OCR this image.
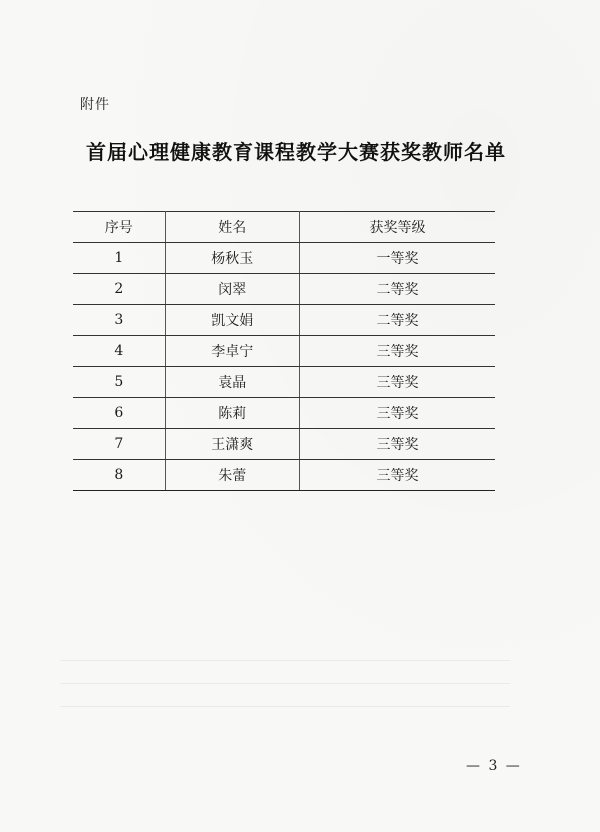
附件
首届心理健康教育课程教学大赛获奖教师名单
序号	姓名	获奖等级
1	杨秋玉	一等奖
2	闵翠	二等奖
3	凯文娟	二等奖
4	李卓宁	三等奖
5	袁晶	三等奖
6	陈莉	三等奖
7	王潇爽	三等奖
8	朱蕾	三等奖
— 3 —
